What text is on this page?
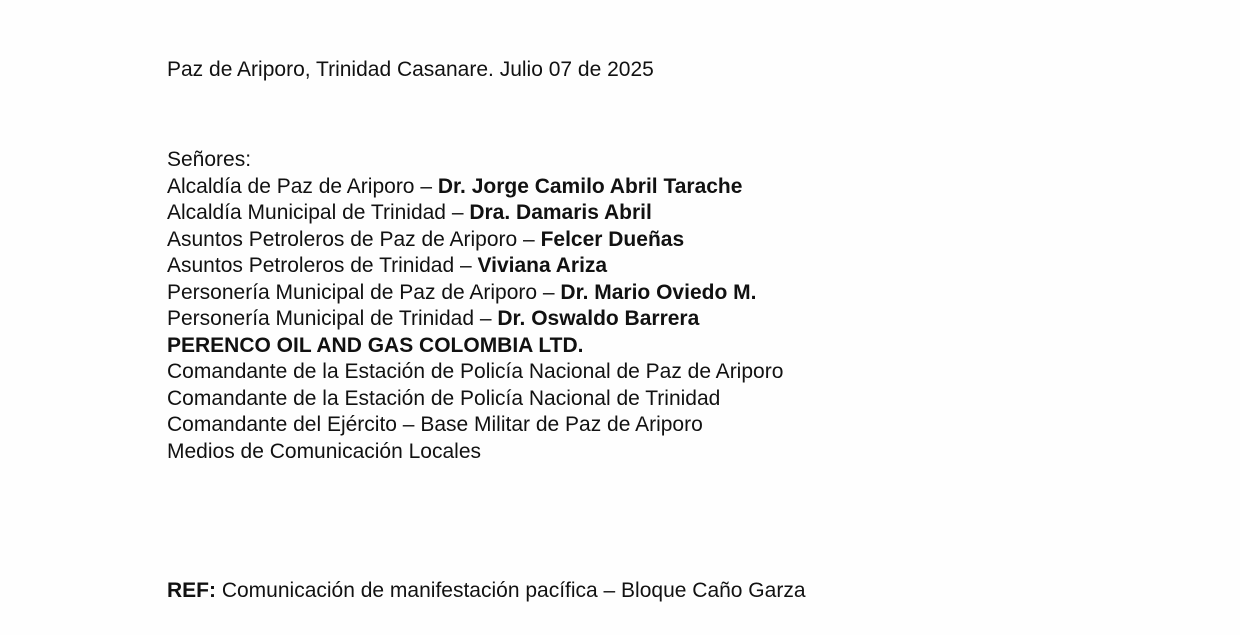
Paz de Ariporo, Trinidad Casanare. Julio 07 de 2025
Señores:
Alcaldía de Paz de Ariporo – Dr. Jorge Camilo Abril Tarache
Alcaldía Municipal de Trinidad – Dra. Damaris Abril
Asuntos Petroleros de Paz de Ariporo – Felcer Dueñas
Asuntos Petroleros de Trinidad – Viviana Ariza
Personería Municipal de Paz de Ariporo – Dr. Mario Oviedo M.
Personería Municipal de Trinidad – Dr. Oswaldo Barrera
PERENCO OIL AND GAS COLOMBIA LTD.
Comandante de la Estación de Policía Nacional de Paz de Ariporo
Comandante de la Estación de Policía Nacional de Trinidad
Comandante del Ejército – Base Militar de Paz de Ariporo
Medios de Comunicación Locales
REF: Comunicación de manifestación pacífica – Bloque Caño Garza
